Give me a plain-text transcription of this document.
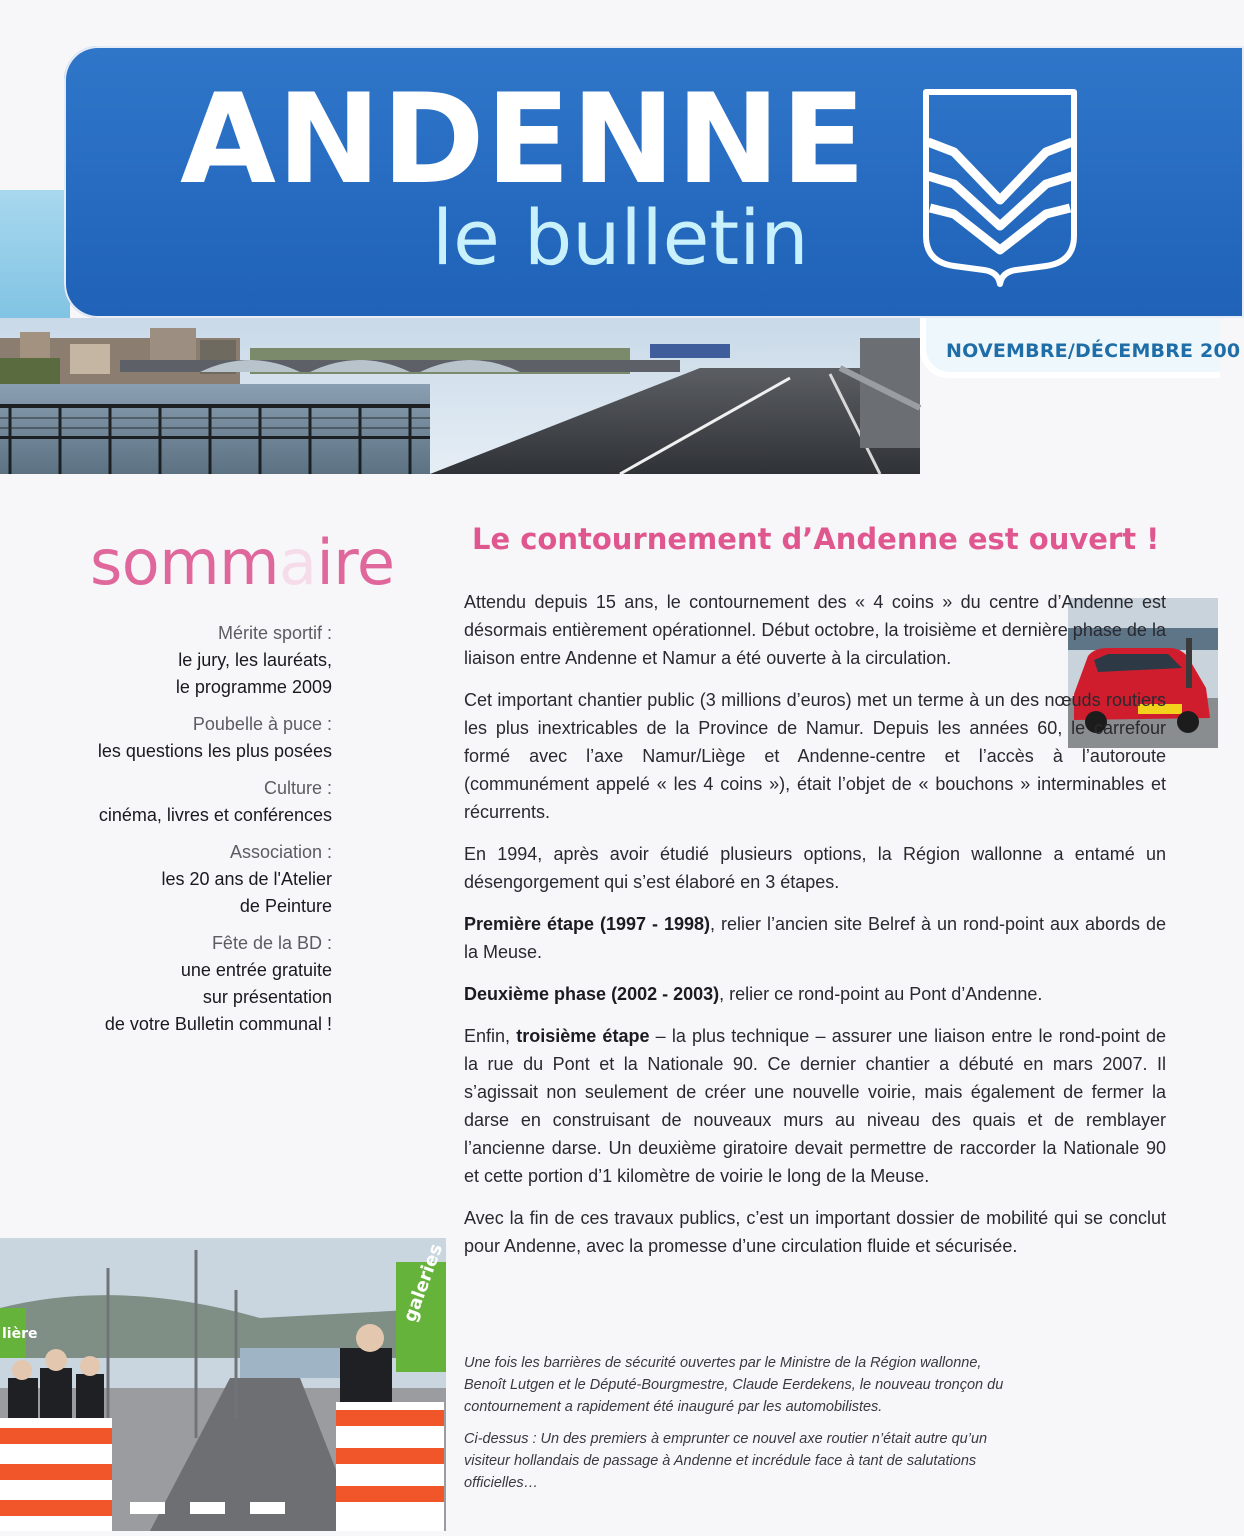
ANDENNE
le bulletin
NOVEMBRE/DÉCEMBRE 200
sommaire
Mérite sportif :
le jury, les lauréats,
le programme 2009
Poubelle à puce :
les questions les plus posées
Culture :
cinéma, livres et conférences
Association :
les 20 ans de l'Atelier
de Peinture
Fête de la BD :
une entrée gratuite
sur présentation
de votre Bulletin communal !
Le contournement d’Andenne est ouvert !

Attendu depuis 15 ans, le contournement des « 4 coins » du centre d’Andenne est désormais entièrement opérationnel. Début octobre, la troisième et dernière phase de la liaison entre Andenne et Namur a été ouverte à la circulation.

Cet important chantier public (3 millions d’euros) met un terme à un des nœuds routiers les plus inextricables de la Province de Namur. Depuis les années 60, le carrefour formé avec l’axe Namur/Liège et Andenne-centre et l’accès à l’autoroute (communément appelé « les 4 coins »), était l’objet de « bouchons » interminables et récurrents.

En 1994, après avoir étudié plusieurs options, la Région wallonne a entamé un désengorgement qui s’est élaboré en 3 étapes.

Première étape (1997 - 1998), relier l’ancien site Belref à un rond-point aux abords de la Meuse.

Deuxième phase (2002 - 2003), relier ce rond-point au Pont d’Andenne.

Enfin, troisième étape – la plus technique – assurer une liaison entre le rond-point de la rue du Pont et la Nationale 90. Ce dernier chantier a débuté en mars 2007. Il s’agissait non seulement de créer une nouvelle voirie, mais également de fermer la darse en construisant de nouveaux murs au niveau des quais et de remblayer l’ancienne darse. Un deuxième giratoire devait permettre de raccorder la Nationale 90 et cette portion d’1 kilomètre de voirie le long de la Meuse.

Avec la fin de ces travaux publics, c’est un important dossier de mobilité qui se conclut pour Andenne, avec la promesse d’une circulation fluide et sécurisée.

Une fois les barrières de sécurité ouvertes par le Ministre de la Région wallonne, Benoît Lutgen et le Député-Bourgmestre, Claude Eerdekens, le nouveau tronçon du contournement a rapidement été inauguré par les automobilistes.

Ci-dessus : Un des premiers à emprunter ce nouvel axe routier n’était autre qu’un visiteur hollandais de passage à Andenne et incrédule face à tant de salutations officielles…

galeries
lière
